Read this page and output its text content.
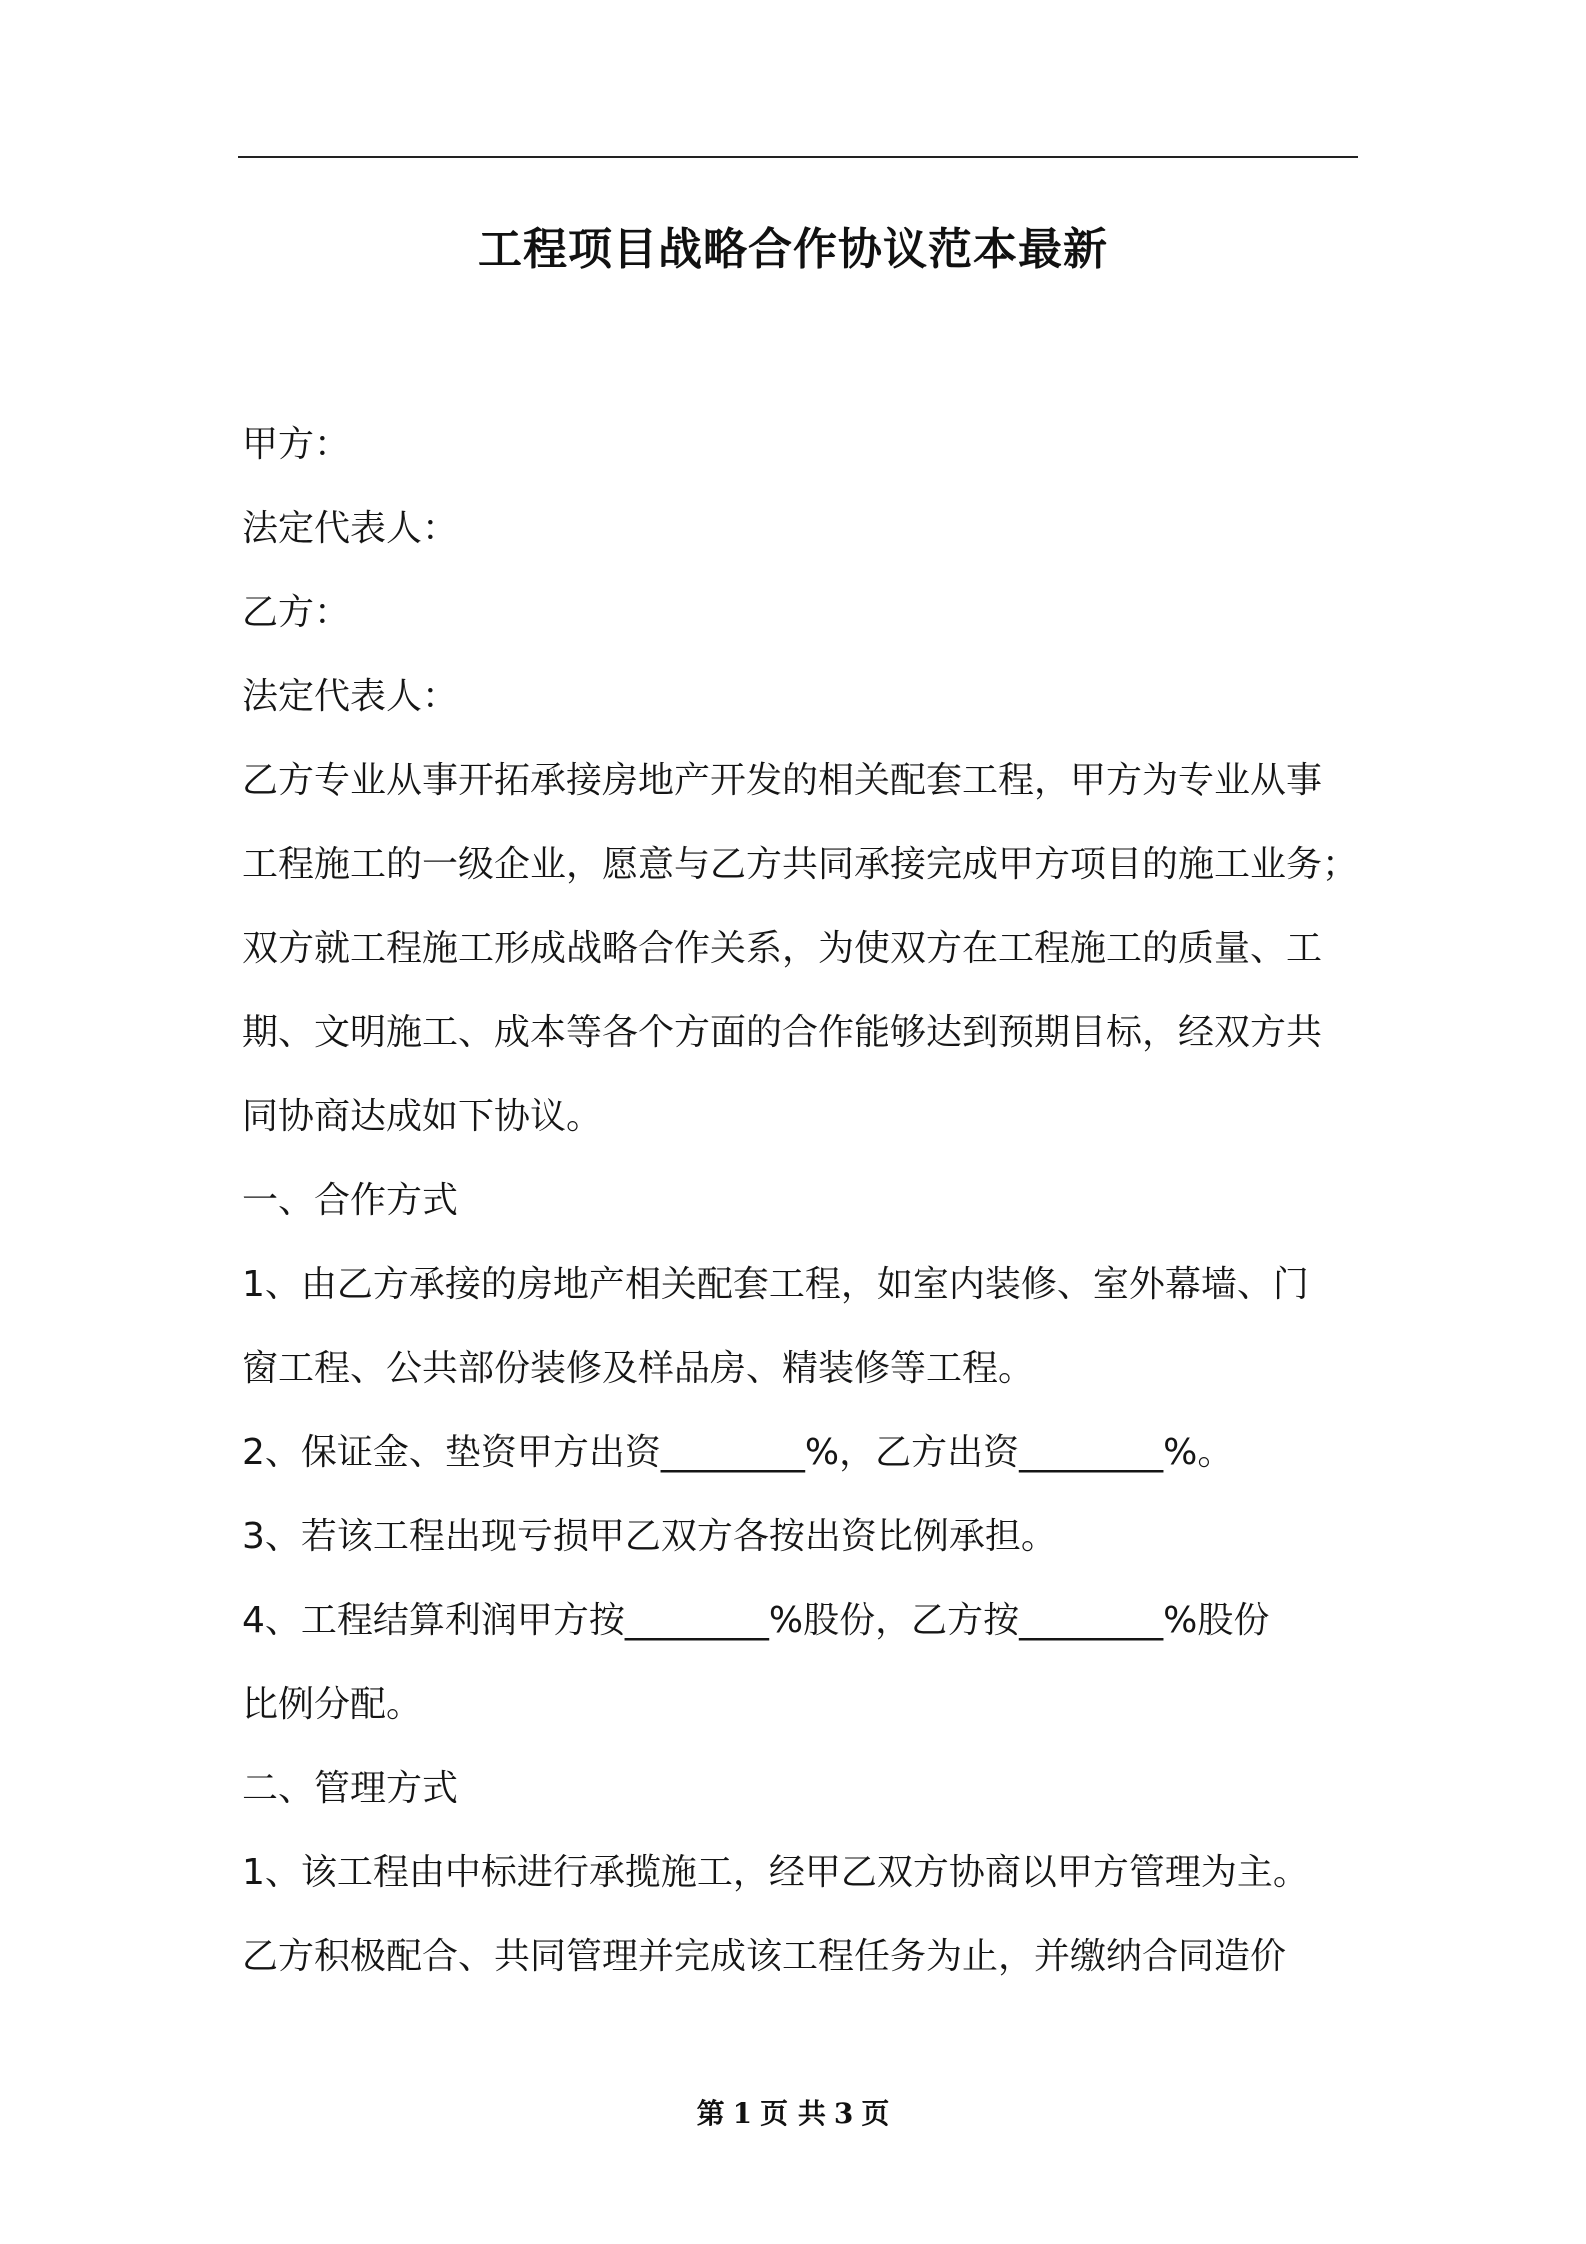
工程项目战略合作协议范本最新
甲方：
法定代表人：
乙方：
法定代表人：
乙方专业从事开拓承接房地产开发的相关配套工程，甲方为专业从事
工程施工的一级企业，愿意与乙方共同承接完成甲方项目的施工业务；
双方就工程施工形成战略合作关系，为使双方在工程施工的质量、工
期、文明施工、成本等各个方面的合作能够达到预期目标，经双方共
同协商达成如下协议。
一、合作方式
1、由乙方承接的房地产相关配套工程，如室内装修、室外幕墙、门
窗工程、公共部份装修及样品房、精装修等工程。
2、保证金、垫资甲方出资________%，乙方出资________%。
3、若该工程出现亏损甲乙双方各按出资比例承担。
4、工程结算利润甲方按________%股份，乙方按________%股份
比例分配。
二、管理方式
1、该工程由中标进行承揽施工，经甲乙双方协商以甲方管理为主。
乙方积极配合、共同管理并完成该工程任务为止，并缴纳合同造价
第 1 页 共 3 页
